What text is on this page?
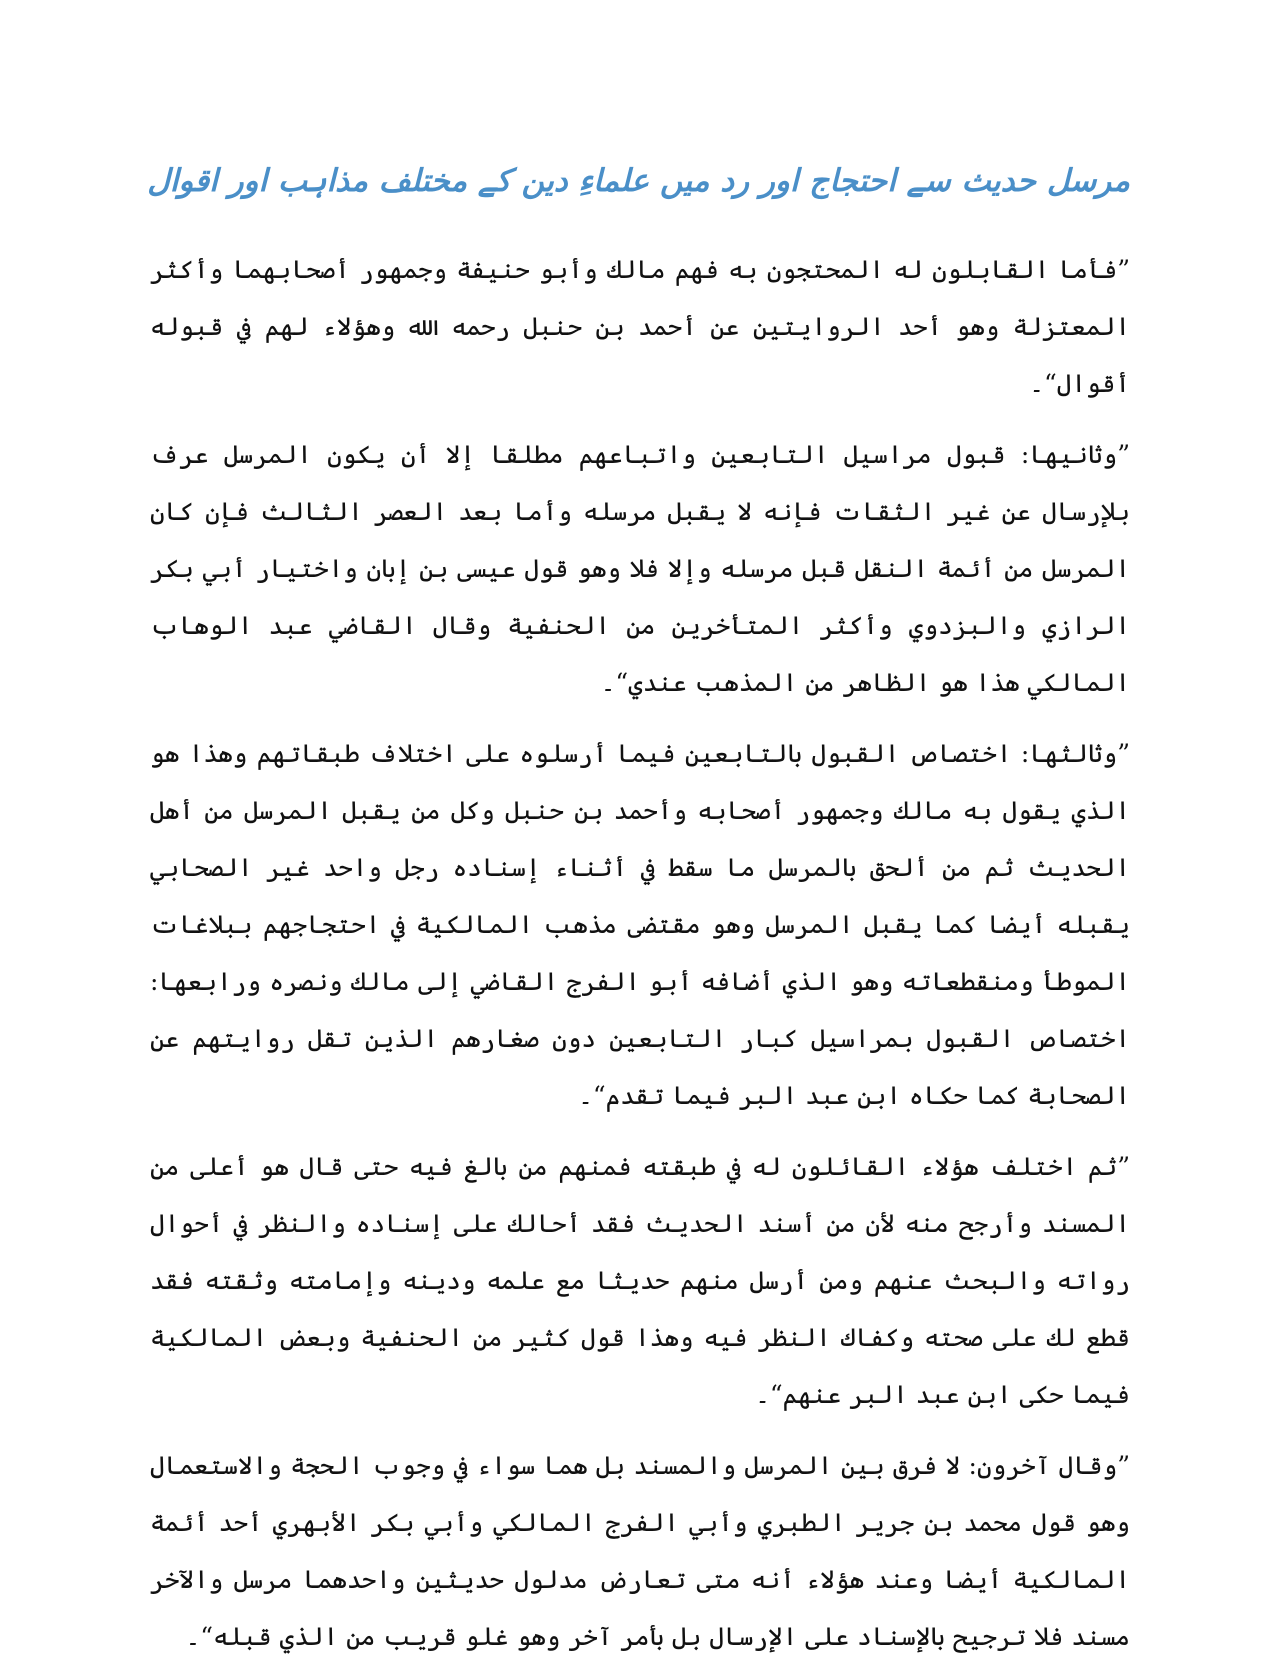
مرسل حدیث سے احتجاج اور رد میں علماءِ دین کے مختلف مذاہب اور اقوال

”فأما القابلون له المحتجون به فهم مالك وأبو حنيفة وجمهور أصحابهما وأكثر المعتزلة وهو أحد الروايتين عن أحمد بن حنبل رحمه الله وهؤلاء لهم في قبوله أقوال“۔

”وثانيها: قبول مراسيل التابعين واتباعهم مطلقا إلا أن يكون المرسل عرف بلإرسال عن غير الثقات فإنه لا يقبل مرسله وأما بعد العصر الثالث فإن كان المرسل من أئمة النقل قبل مرسله وإلا فلا وهو قول عيسى بن إبان واختيار أبي بكر الرازي والبزدوي وأكثر المتأخرين من الحنفية وقال القاضي عبد الوهاب المالكي هذا هو الظاهر من المذهب عندي“۔

”وثالثها: اختصاص القبول بالتابعين فيما أرسلوه على اختلاف طبقاتهم وهذا هو الذي يقول به مالك وجمهور أصحابه وأحمد بن حنبل وكل من يقبل المرسل من أهل الحديث ثم من ألحق بالمرسل ما سقط في أثناء إسناده رجل واحد غير الصحابي يقبله أيضا كما يقبل المرسل وهو مقتضى مذهب المالكية في احتجاجهم ببلاغات الموطأ ومنقطعاته وهو الذي أضافه أبو الفرج القاضي إلى مالك ونصره ورابعها: اختصاص القبول بمراسيل كبار التابعين دون صغارهم الذين تقل روايتهم عن الصحابة كما حكاه ابن عبد البر فيما تقدم“۔

”ثم اختلف هؤلاء القائلون له في طبقته فمنهم من بالغ فيه حتى قال هو أعلى من المسند وأرجح منه لأن من أسند الحديث فقد أحالك على إسناده والنظر في أحوال رواته والبحث عنهم ومن أرسل منهم حديثا مع علمه ودينه وإمامته وثقته فقد قطع لك على صحته وكفاك النظر فيه وهذا قول كثير من الحنفية وبعض المالكية فيما حكى ابن عبد البر عنهم“۔

”وقال آخرون: لا فرق بين المرسل والمسند بل هما سواء في وجوب الحجة والاستعمال وهو قول محمد بن جرير الطبري وأبي الفرج المالكي وأبي بكر الأبهري أحد أئمة المالكية أيضا وعند هؤلاء أنه متى تعارض مدلول حديثين واحدهما مرسل والآخر مسند فلا ترجيح بالإسناد على الإرسال بل بأمر آخر وهو غلو قريب من الذي قبله“۔
